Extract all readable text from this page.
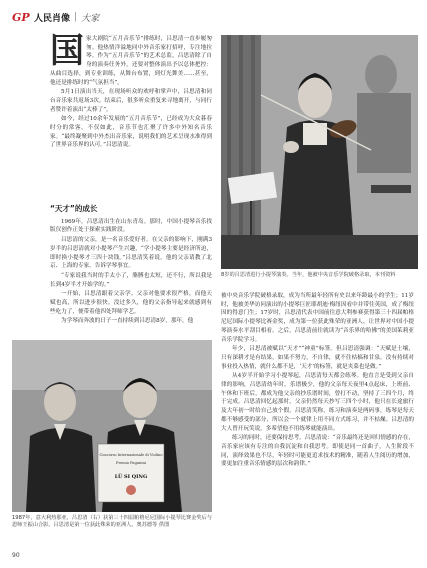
GP 人民肖像 | 大家

国家大剧院“五月音乐节”排练时，吕思清一直步履匆匆。他热情洋溢地同中外音乐家打招呼，专注地拉琴。作为“五月音乐节”的艺术总监，吕思清除了自身的演奏任务外，还要对整体演出予以总体把控：从曲目选择，到专业训练，从舞台布置，到灯光舞美……甚至，他还是排练时的“气氛担当”。

5月1日演出当天，在现场听众的欢呼和掌声中，吕思清和同台音乐家共返场3次。结束后，很多听众重复来寻地离开，与同行者赞许着演出“太棒了”。

如今，经过10余年发展的“五月音乐节”，已经成为大众暮春时分的常客。不仅如此，音乐节也汇聚了许多中外知名音乐家。“最终凝聚到中外杰出音乐家，说明我们的艺术呈现水准得到了世界音乐界的认可。”吕思清说。

“天才”的成长

1969年，吕思清出生在山东青岛。那时，中国小提琴音乐找版仅创作正处于探索实践阶段。

吕思清的父亲，是一名音乐爱好者。在父亲的影响下，刚满3岁半的吕思清就对小提琴产生兴趣，“学小提琴主要是经济所迫，即时换小提琴才三四十块钱。”吕思清笑着说，他的父亲请教了北京、上海的专家，告诉学琴事宜。

“专家说我当时的手太小了，胳膊也太短，还不行，所以我是长到4岁半才开始学的。”

一开始，吕思清跟着父亲学。父亲对他要求很严格，而他天赋也高，所以进步很快。没过多久，他的父亲指导起来就感到有些吃力了，便带着他四处拜师学艺。

为学琴而奔波的日子一直持续到吕思清8岁，那年，他

8岁的吕思清进行小提琴演奏。当年，他被中央音乐学院破格录取，本刊资料

被中央音乐学院破格录取，成为当所最年轻所有史以来年龄最小的学生；11岁时，他被美华访问演出的小提琴巨匠耶胡迪·梅纽因看中并带往英国，成了梅纽因的得意门生；17岁时，吕思清代表中国前往意大利参赛获得第三十四届帕格尼尼国际小提琴比赛金奖，成为第一位获此殊荣的亚洲人，让世界对中国小提琴演奏水平刮目相看。之后，吕思清前往就读为“音乐界的哈佛”的美国茱莉亚音乐学院学习。

年少，吕思清被赋以“天才”“神童”标签。但吕思清强调：“天赋是土壤，只有深耕才是有结果，如果不努力，不自律，就不住枯槁和甘泉。没有持续对事业投入热情，就什么都不是，‘天才’的标签，就是夹菜也是做。”

从4岁半开始学习小提琴起，吕思清每天都会练琴。他直言是受到父亲自律的影响，吕思清幼年时，乐谱极少，他的父亲每天夜里4点起床，上班前、午休和下班后，都成为他父亲的抄乐谱时间，曾打不动，坚持了三四个月，终于完成。吕思清回忆起那时，父亲仍然每天抄写三四个小时，他只在长途旅行及大年初一时给自己放个假，吕思清笑称，练习和演奏是两码事，练琴是每天都不够感受的部分，所以会一个就律上用不同方式练习，并不枯燥。吕思清的大人曾开玩笑说，多希望他不用练琴就能演出。

练习的同时，还要保持思考，吕思清说：“音乐最终还是回归情感的存在，音乐家应该有专注的自我沉淀和自我思考。即使是同一首曲子，人生阶段不同，演绎效果也不尽，年轻时可能更追求技术的精准，随着人生阅历的增加，要更加注重音乐情感的层次和韵律。”

Concorso Internazionale di Violino
Premio Paganini
LÜ SI QING
1987年，意大利热那亚，吕思清（右）获第三十四届帕格尼尼国际小提琴比赛金奖后与恩师王振山合影。吕思清是第一位获此殊荣的亚洲人。奥苏德等 供图
90
